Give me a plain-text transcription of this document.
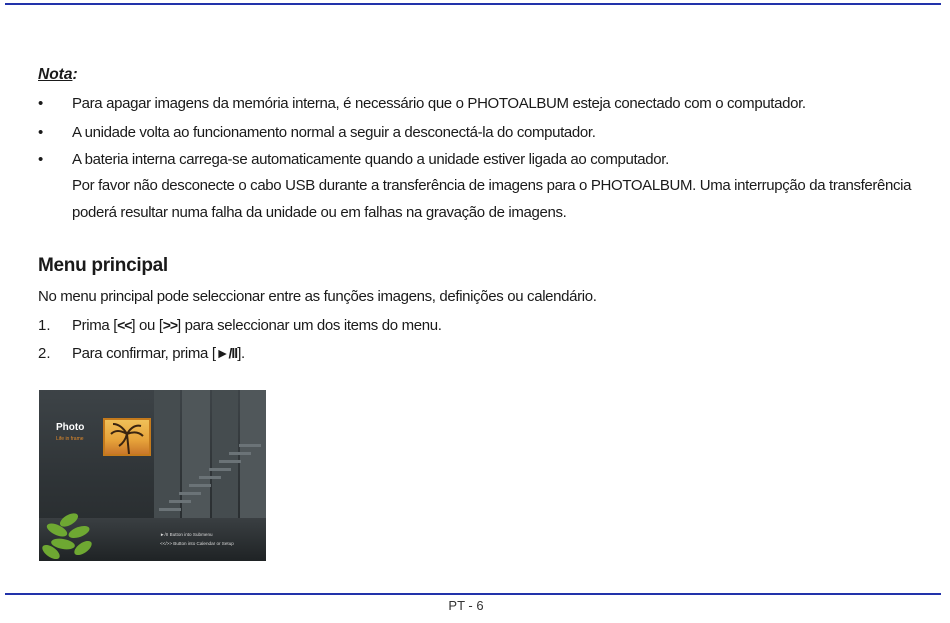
Nota:
• Para apagar imagens da memória interna, é necessário que o PHOTOALBUM esteja conectado com o computador.
• A unidade volta ao funcionamento normal a seguir a desconectá-la do computador.
• A bateria interna carrega-se automaticamente quando a unidade estiver ligada ao computador.
Por favor não desconecte o cabo USB durante a transferência de imagens para o PHOTOALBUM. Uma interrupção da transferência
poderá resultar numa falha da unidade ou em falhas na gravação de imagens.
Menu principal
No menu principal pode seleccionar entre as funções imagens, definições ou calendário.
1. Prima [<<] ou [>>] para seleccionar um dos items do menu.
2. Para confirmar, prima [►/ll].
Photo
Life in frame
►/II Button into Submenu
<</>> Button into Calendar or Setup
PT - 6
